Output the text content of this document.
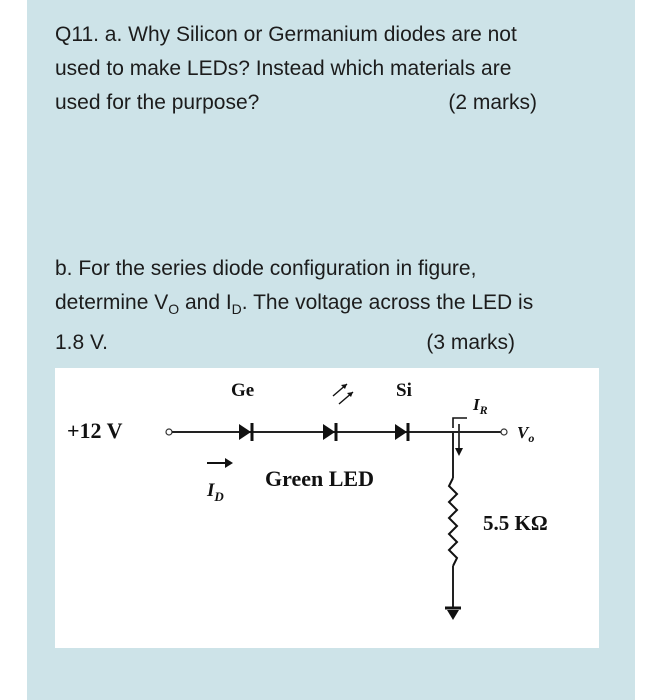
Q11. a. Why Silicon or Germanium diodes are not
used to make LEDs? Instead which materials are
used for the purpose?	(2 marks)
b. For the series diode configuration in figure,
determine $V_O$ and $I_D$. The voltage across the LED is
1.8 V.	(3 marks)
+12 V
Ge
Green LED
Si
$I_D$
$I_R$
$V_o$
5.5 KΩ
